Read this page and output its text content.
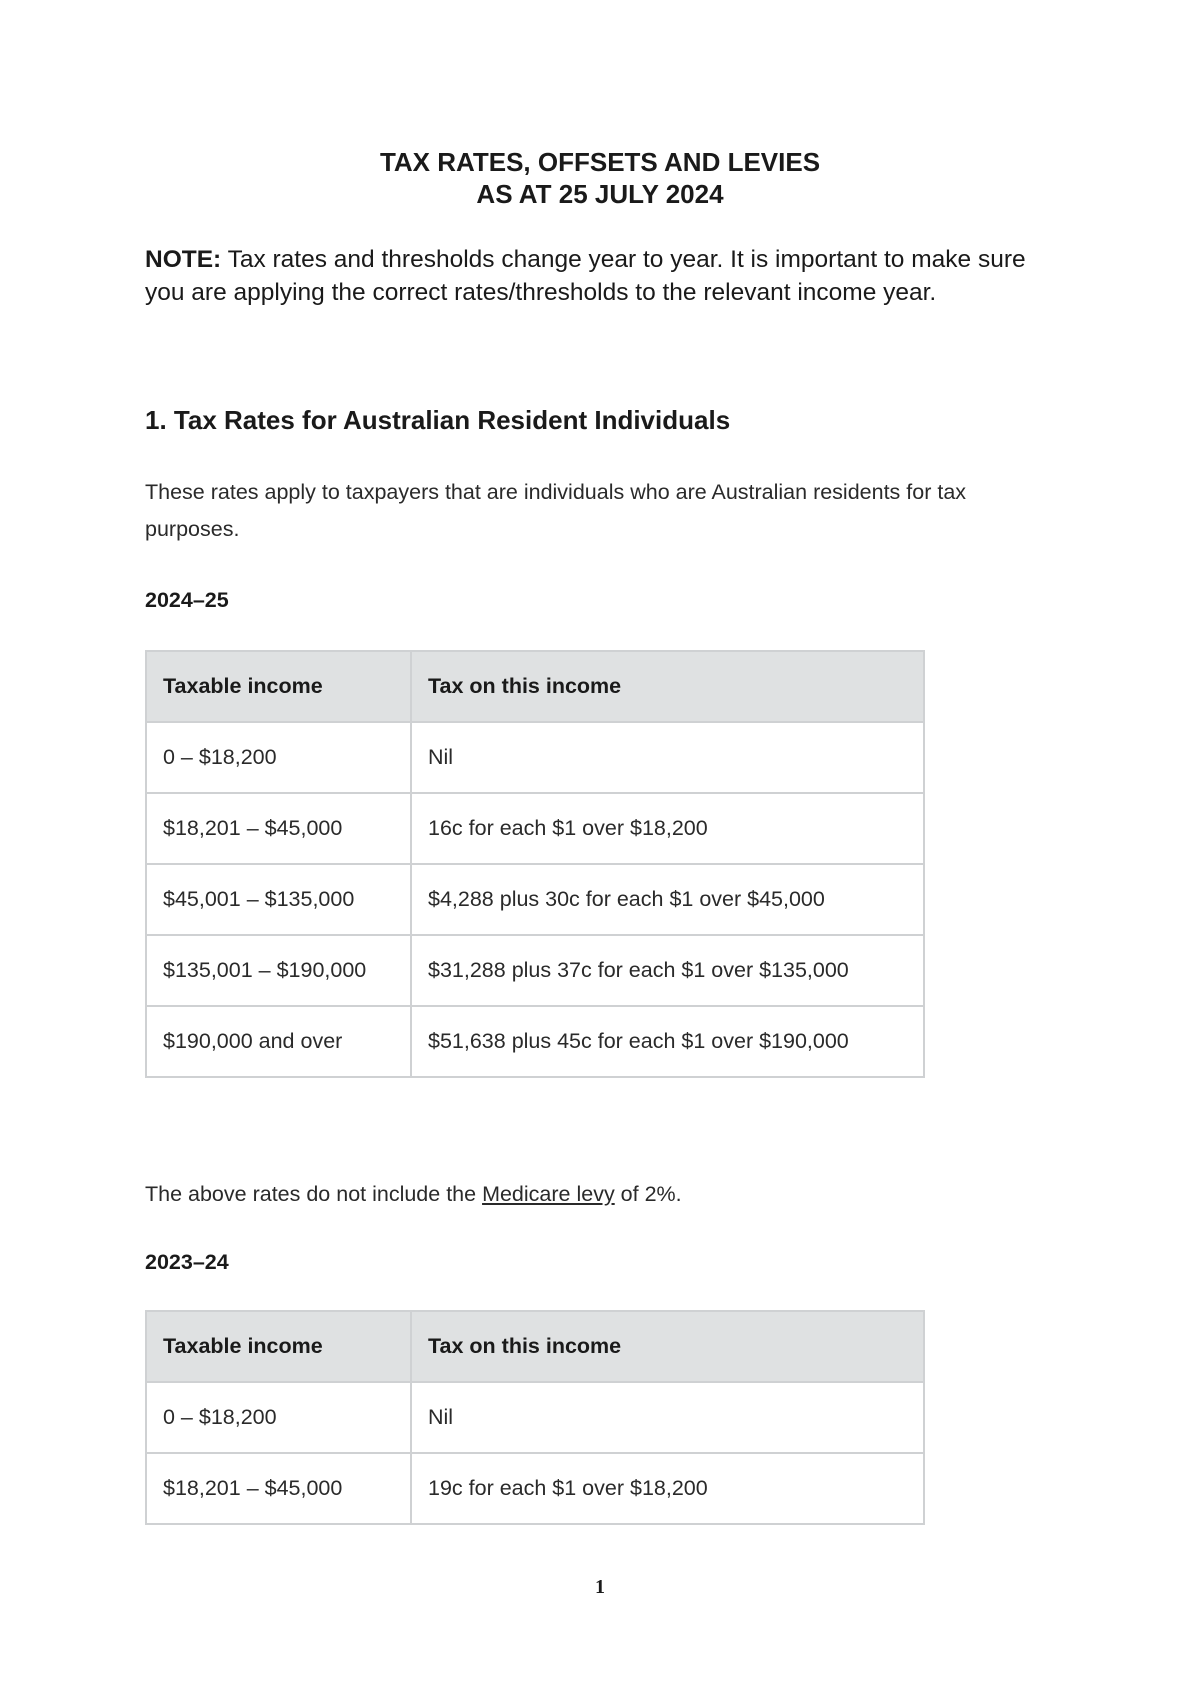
TAX RATES, OFFSETS AND LEVIES
AS AT 25 JULY 2024
NOTE: Tax rates and thresholds change year to year. It is important to make sure you are applying the correct rates/thresholds to the relevant income year.
1. Tax Rates for Australian Resident Individuals
These rates apply to taxpayers that are individuals who are Australian residents for tax purposes.
2024–25
Taxable income	Tax on this income
0 – $18,200	Nil
$18,201 – $45,000	16c for each $1 over $18,200
$45,001 – $135,000	$4,288 plus 30c for each $1 over $45,000
$135,001 – $190,000	$31,288 plus 37c for each $1 over $135,000
$190,000 and over	$51,638 plus 45c for each $1 over $190,000
The above rates do not include the Medicare levy of 2%.
2023–24
Taxable income	Tax on this income
0 – $18,200	Nil
$18,201 – $45,000	19c for each $1 over $18,200
1
